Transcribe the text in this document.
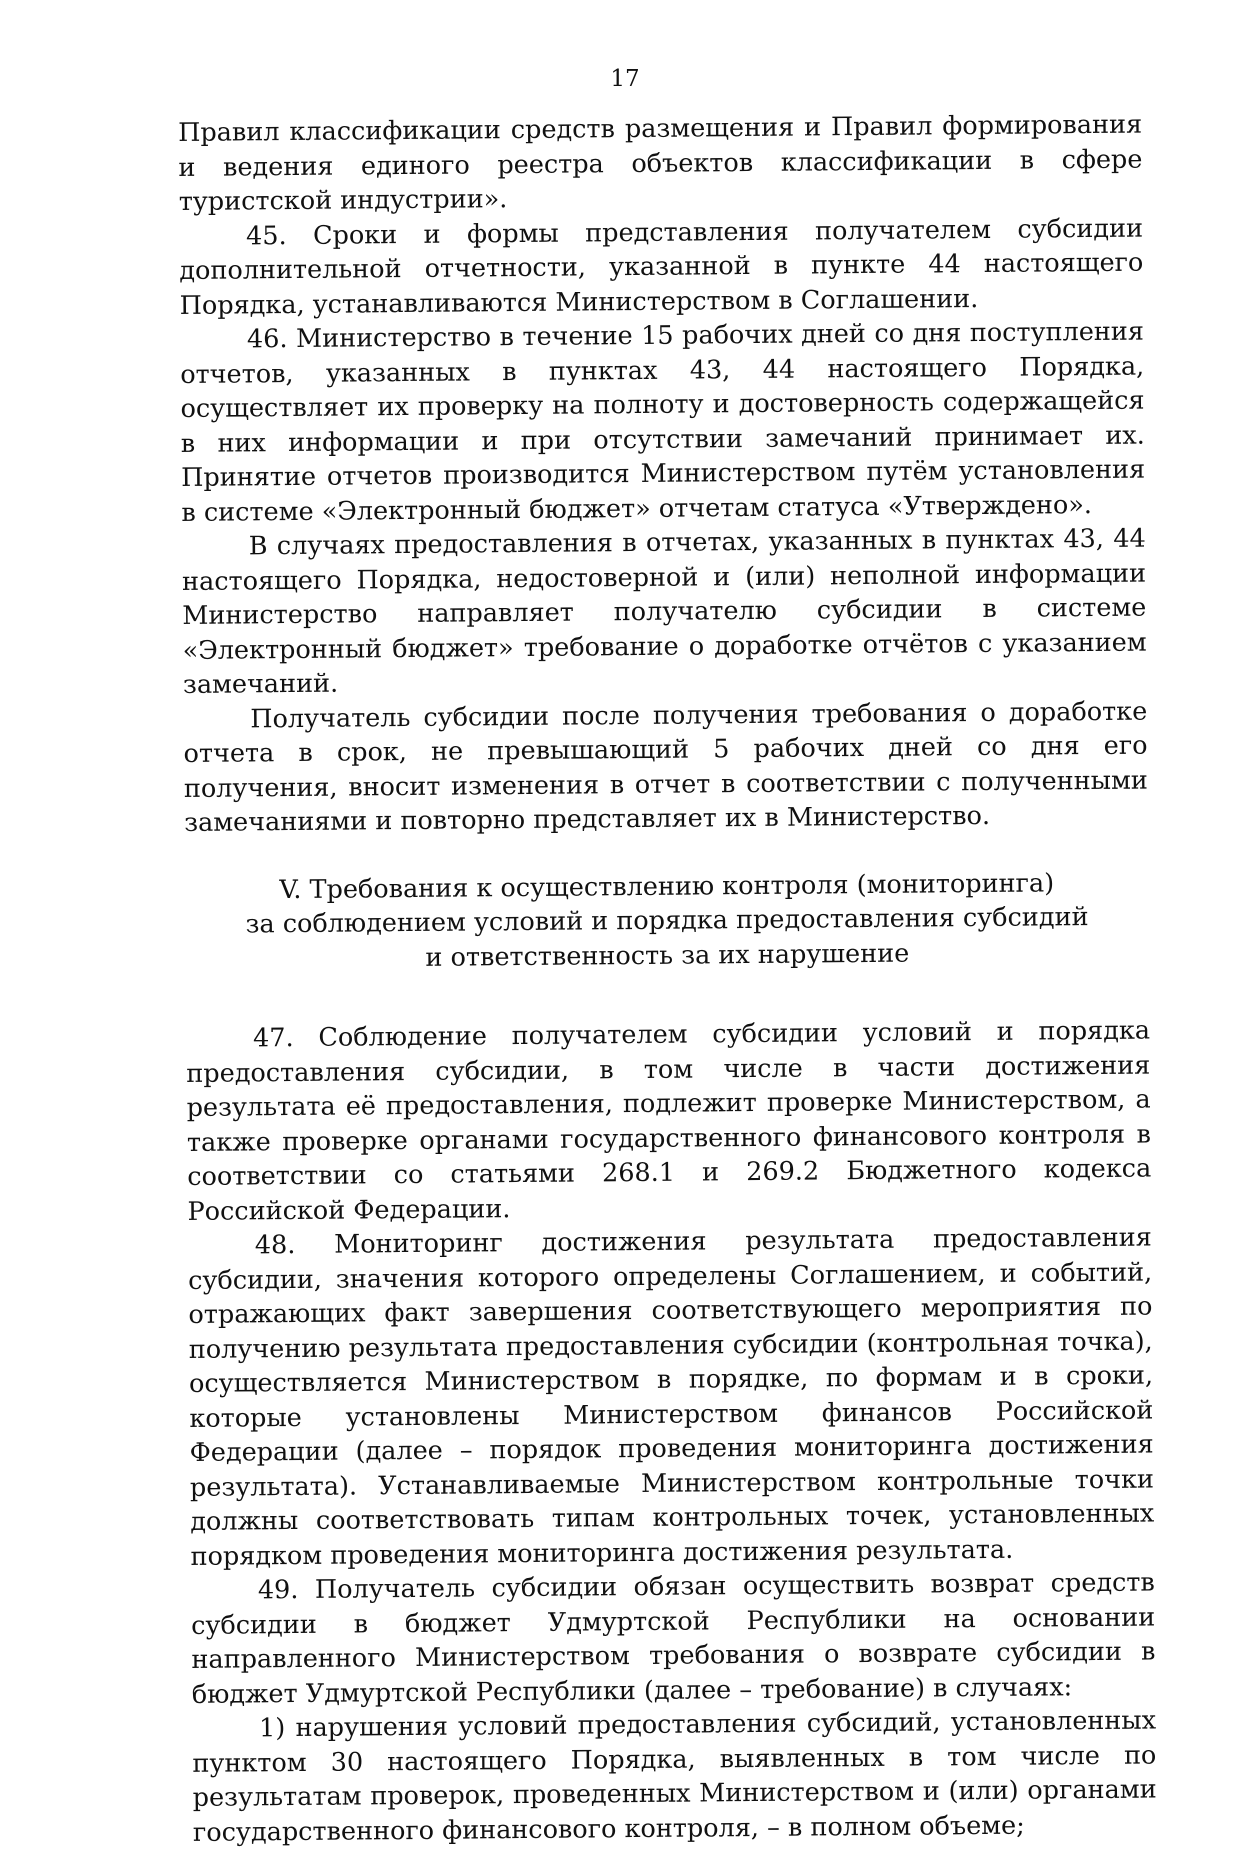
17

Правил классификации средств размещения и Правил формирования и ведения единого реестра объектов классификации в сфере туристской индустрии».

45. Сроки и формы представления получателем субсидии дополнительной отчетности, указанной в пункте 44 настоящего Порядка, устанавливаются Министерством в Соглашении.

46. Министерство в течение 15 рабочих дней со дня поступления отчетов, указанных в пунктах 43, 44 настоящего Порядка, осуществляет их проверку на полноту и достоверность содержащейся в них информации и при отсутствии замечаний принимает их. Принятие отчетов производится Министерством путём установления в системе «Электронный бюджет» отчетам статуса «Утверждено».

В случаях предоставления в отчетах, указанных в пунктах 43, 44 настоящего Порядка, недостоверной и (или) неполной информации Министерство направляет получателю субсидии в системе «Электронный бюджет» требование о доработке отчётов с указанием замечаний.

Получатель субсидии после получения требования о доработке отчета в срок, не превышающий 5 рабочих дней со дня его получения, вносит изменения в отчет в соответствии с полученными замечаниями и повторно представляет их в Министерство.

V. Требования к осуществлению контроля (мониторинга)
за соблюдением условий и порядка предоставления субсидий
и ответственность за их нарушение

47. Соблюдение получателем субсидии условий и порядка предоставления субсидии, в том числе в части достижения результата её предоставления, подлежит проверке Министерством, а также проверке органами государственного финансового контроля в соответствии со статьями 268.1 и 269.2 Бюджетного кодекса Российской Федерации.

48. Мониторинг достижения результата предоставления субсидии, значения которого определены Соглашением, и событий, отражающих факт завершения соответствующего мероприятия по получению результата предоставления субсидии (контрольная точка), осуществляется Министерством в порядке, по формам и в сроки, которые установлены Министерством финансов Российской Федерации (далее – порядок проведения мониторинга достижения результата). Устанавливаемые Министерством контрольные точки должны соответствовать типам контрольных точек, установленных порядком проведения мониторинга достижения результата.

49. Получатель субсидии обязан осуществить возврат средств субсидии в бюджет Удмуртской Республики на основании направленного Министерством требования о возврате субсидии в бюджет Удмуртской Республики (далее – требование) в случаях:

1) нарушения условий предоставления субсидий, установленных пунктом 30 настоящего Порядка, выявленных в том числе по результатам проверок, проведенных Министерством и (или) органами государственного финансового контроля, – в полном объеме;
